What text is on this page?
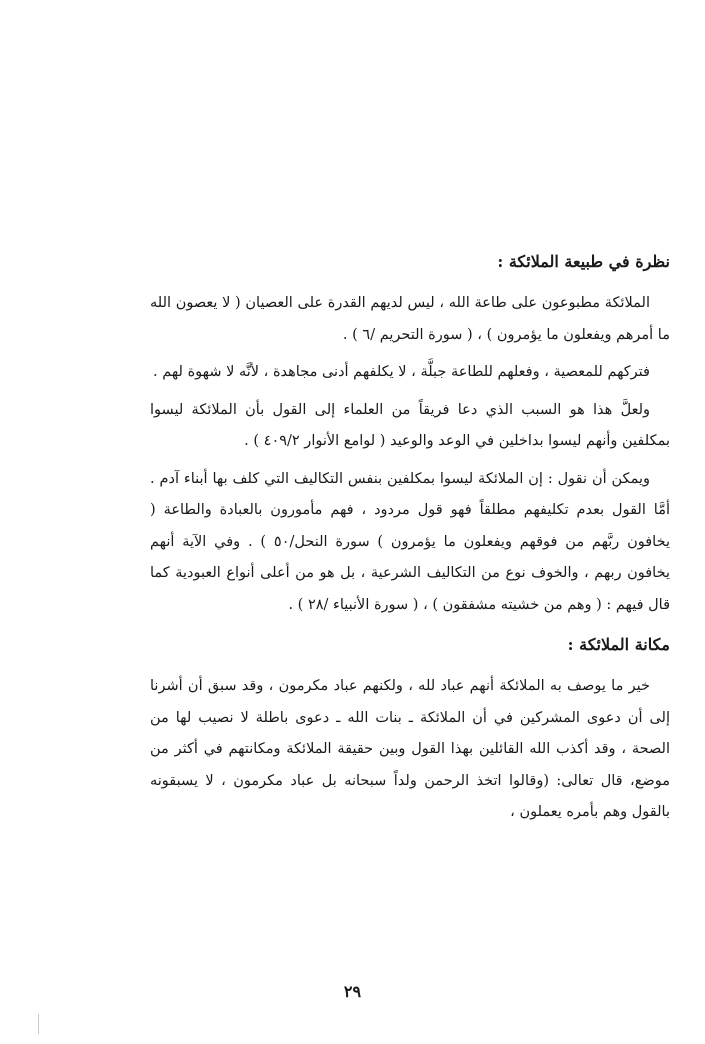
نظرة في طبيعة الملائكة :

الملائكة مطبوعون على طاعة الله ، ليس لديهم القدرة على العصيان ( لا يعصون الله ما أمرهم ويفعلون ما يؤمرون ) ، ( سورة التحريم /٦ ) .

فتركهم للمعصية ، وفعلهم للطاعة جبلَّة ، لا يكلفهم أدنى مجاهدة ، لأنَّه لا شهوة لهم .

ولعلَّ هذا هو السبب الذي دعا فريقاً من العلماء إلى القول بأن الملائكة ليسوا بمكلفين وأنهم ليسوا بداخلين في الوعد والوعيد ( لوامع الأنوار ٤٠٩/٢ ) .

ويمكن أن نقول : إن الملائكة ليسوا بمكلفين بنفس التكاليف التي كلف بها أبناء آدم . أمَّا القول بعدم تكليفهم مطلقاً فهو قول مردود ، فهم مأمورون بالعبادة والطاعة ( يخافون ربَّهم من فوقهم ويفعلون ما يؤمرون ) سورة النحل/٥٠ ) . وفي الآية أنهم يخافون ربهم ، والخوف نوع من التكاليف الشرعية ، بل هو من أعلى أنواع العبودية كما قال فيهم : ( وهم من خشيته مشفقون ) ، ( سورة الأنبياء /٢٨ ) .

مكانة الملائكة :

خير ما يوصف به الملائكة أنهم عباد لله ، ولكنهم عباد مكرمون ، وقد سبق أن أشرنا إلى أن دعوى المشركين في أن الملائكة ـ بنات الله ـ دعوى باطلة لا نصيب لها من الصحة ، وقد أكذب الله القائلين بهذا القول وبين حقيقة الملائكة ومكانتهم في أكثر من موضع، قال تعالى: (وقالوا اتخذ الرحمن ولداً سبحانه بل عباد مكرمون ، لا يسبقونه بالقول وهم بأمره يعملون ،

٢٩
